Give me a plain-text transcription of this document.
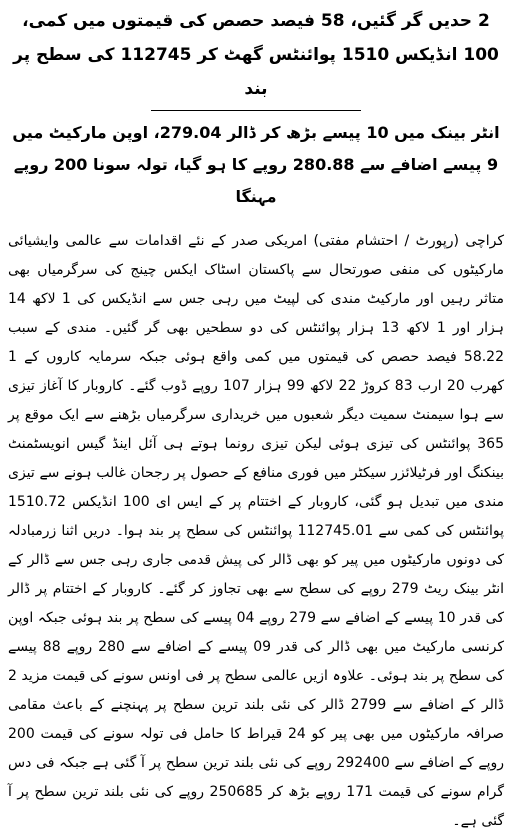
2 حدیں گر گئیں، 58 فیصد حصص کی قیمتوں میں کمی، 100 انڈیکس 1510 پوائنٹس گھٹ کر 112745 کی سطح پر بند
انٹر بینک میں 10 پیسے بڑھ کر ڈالر 279.04، اوپن مارکیٹ میں 9 پیسے اضافے سے 280.88 روپے کا ہو گیا، تولہ سونا 200 روپے مہنگا

کراچی (رپورٹ / احتشام مفتی) امریکی صدر کے نئے اقدامات سے عالمی وایشیائی مارکیٹوں کی منفی صورتحال سے پاکستان اسٹاک ایکس چینج کی سرگرمیاں بھی متاثر رہیں اور مارکیٹ مندی کی لپیٹ میں رہی جس سے انڈیکس کی 1 لاکھ 14 ہزار اور 1 لاکھ 13 ہزار پوائنٹس کی دو سطحیں بھی گر گئیں۔ مندی کے سبب 58.22 فیصد حصص کی قیمتوں میں کمی واقع ہوئی جبکہ سرمایہ کاروں کے 1 کھرب 20 ارب 83 کروڑ 22 لاکھ 99 ہزار 107 روپے ڈوب گئے۔ کاروبار کا آغاز تیزی سے ہوا سیمنٹ سمیت دیگر شعبوں میں خریداری سرگرمیاں بڑھنے سے ایک موقع پر 365 پوائنٹس کی تیزی ہوئی لیکن تیزی رونما ہوتے ہی آئل اینڈ گیس انویسٹمنٹ بینکنگ اور فرٹیلائزر سیکٹر میں فوری منافع کے حصول پر رجحان غالب ہونے سے تیزی مندی میں تبدیل ہو گئی، کاروبار کے اختتام پر کے ایس ای 100 انڈیکس 1510.72 پوائنٹس کی کمی سے 112745.01 پوائنٹس کی سطح پر بند ہوا۔ دریں اثنا زرمبادلہ کی دونوں مارکیٹوں میں پیر کو بھی ڈالر کی پیش قدمی جاری رہی جس سے ڈالر کے انٹر بینک ریٹ 279 روپے کی سطح سے بھی تجاوز کر گئے۔ کاروبار کے اختتام پر ڈالر کی قدر 10 پیسے کے اضافے سے 279 روپے 04 پیسے کی سطح پر بند ہوئی جبکہ اوپن کرنسی مارکیٹ میں بھی ڈالر کی قدر 09 پیسے کے اضافے سے 280 روپے 88 پیسے کی سطح پر بند ہوئی۔ علاوہ ازیں عالمی سطح پر فی اونس سونے کی قیمت مزید 2 ڈالر کے اضافے سے 2799 ڈالر کی نئی بلند ترین سطح پر پہنچنے کے باعث مقامی صرافہ مارکیٹوں میں بھی پیر کو 24 قیراط کا حامل فی تولہ سونے کی قیمت 200 روپے کے اضافے سے 292400 روپے کی نئی بلند ترین سطح پر آ گئی ہے جبکہ فی دس گرام سونے کی قیمت 171 روپے بڑھ کر 250685 روپے کی نئی بلند ترین سطح پر آ گئی ہے۔
